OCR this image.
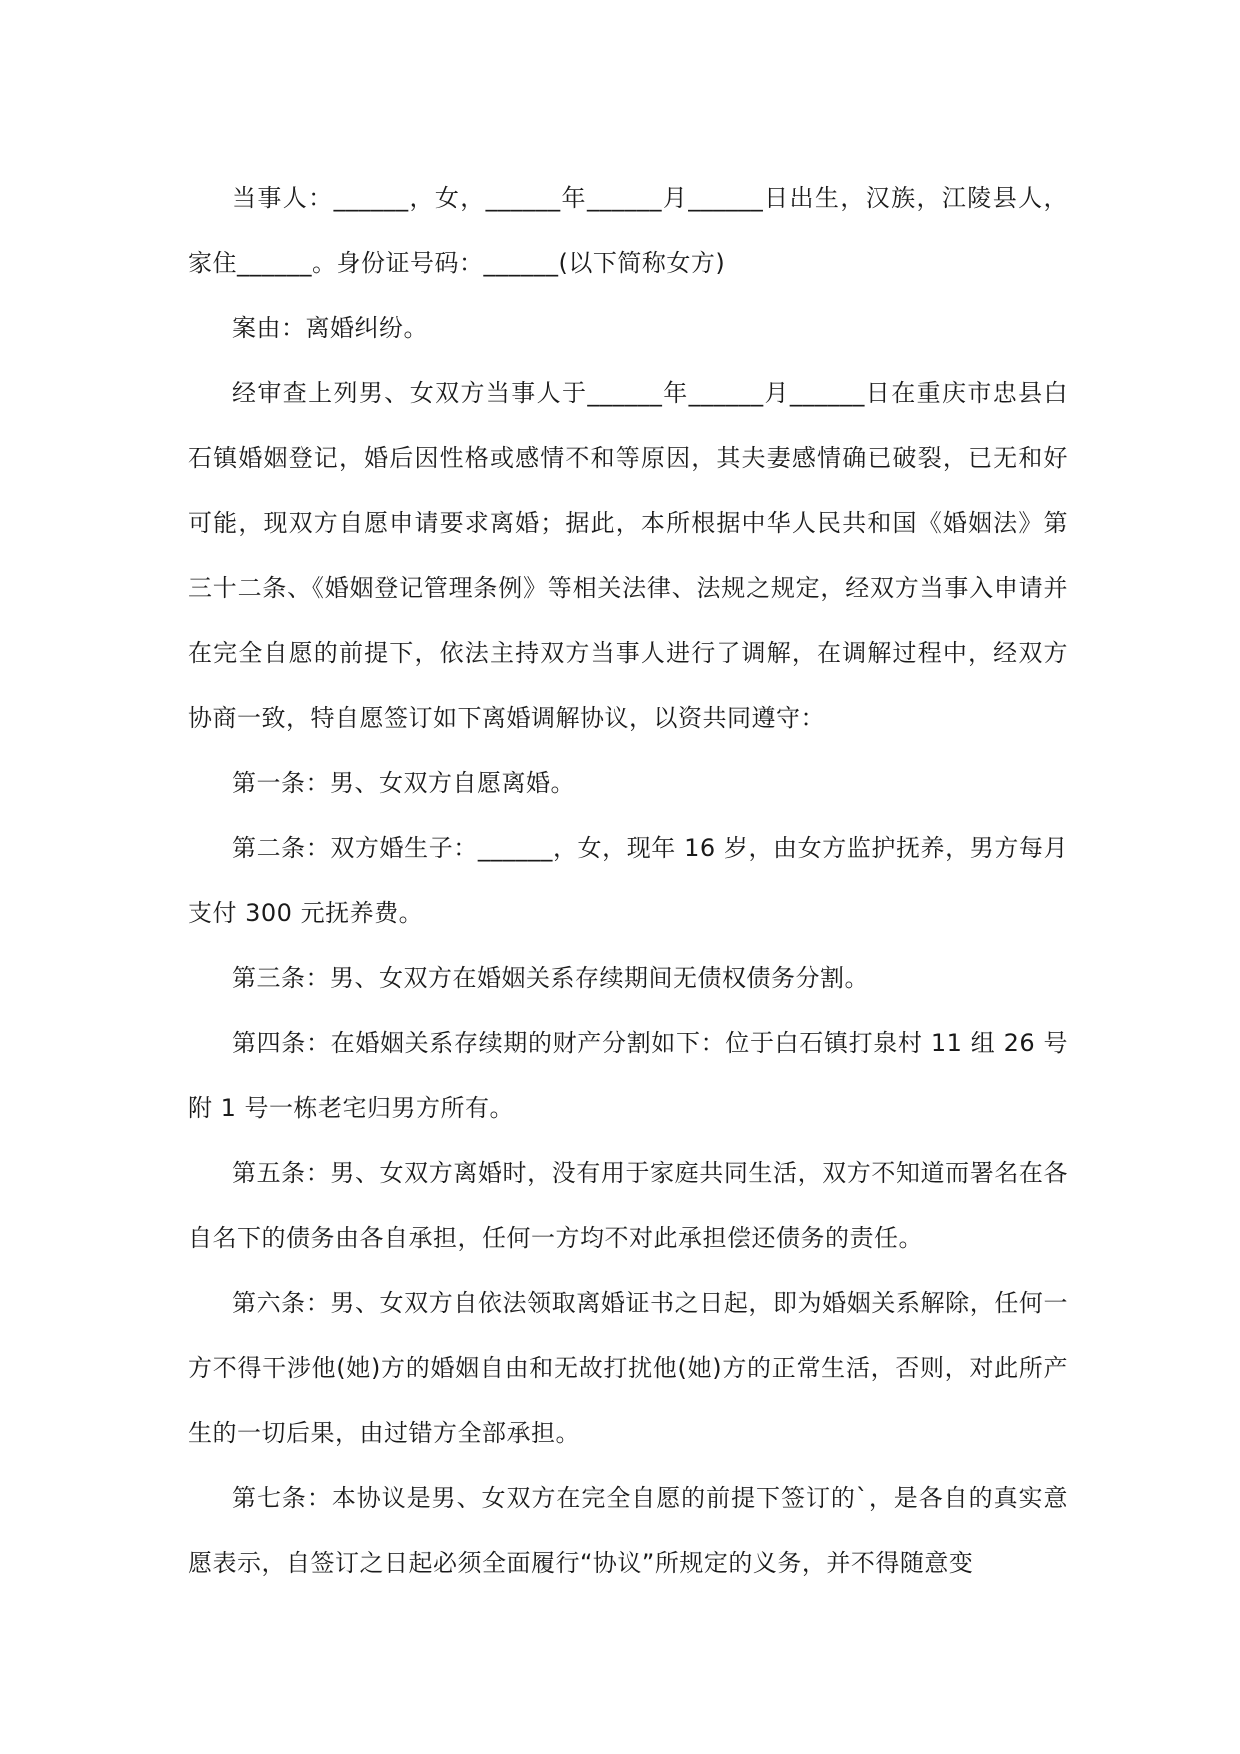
当事人：______，女，______年______月______日出生，汉族，江陵县人，家住______。身份证号码：______(以下简称女方)

案由：离婚纠纷。

经审查上列男、女双方当事人于______年______月______日在重庆市忠县白石镇婚姻登记，婚后因性格或感情不和等原因，其夫妻感情确已破裂，已无和好可能，现双方自愿申请要求离婚；据此，本所根据中华人民共和国《婚姻法》第三十二条、《婚姻登记管理条例》等相关法律、法规之规定，经双方当事入申请并在完全自愿的前提下，依法主持双方当事人进行了调解，在调解过程中，经双方协商一致，特自愿签订如下离婚调解协议，以资共同遵守：

第一条：男、女双方自愿离婚。

第二条：双方婚生子：______，女，现年 16 岁，由女方监护抚养，男方每月支付 300 元抚养费。

第三条：男、女双方在婚姻关系存续期间无债权债务分割。

第四条：在婚姻关系存续期的财产分割如下：位于白石镇打泉村 11 组 26 号附 1 号一栋老宅归男方所有。

第五条：男、女双方离婚时，没有用于家庭共同生活，双方不知道而署名在各自名下的债务由各自承担，任何一方均不对此承担偿还债务的责任。

第六条：男、女双方自依法领取离婚证书之日起，即为婚姻关系解除，任何一方不得干涉他(她)方的婚姻自由和无故打扰他(她)方的正常生活，否则，对此所产生的一切后果，由过错方全部承担。

第七条：本协议是男、女双方在完全自愿的前提下签订的`，是各自的真实意愿表示，自签订之日起必须全面履行“协议”所规定的义务，并不得随意变
